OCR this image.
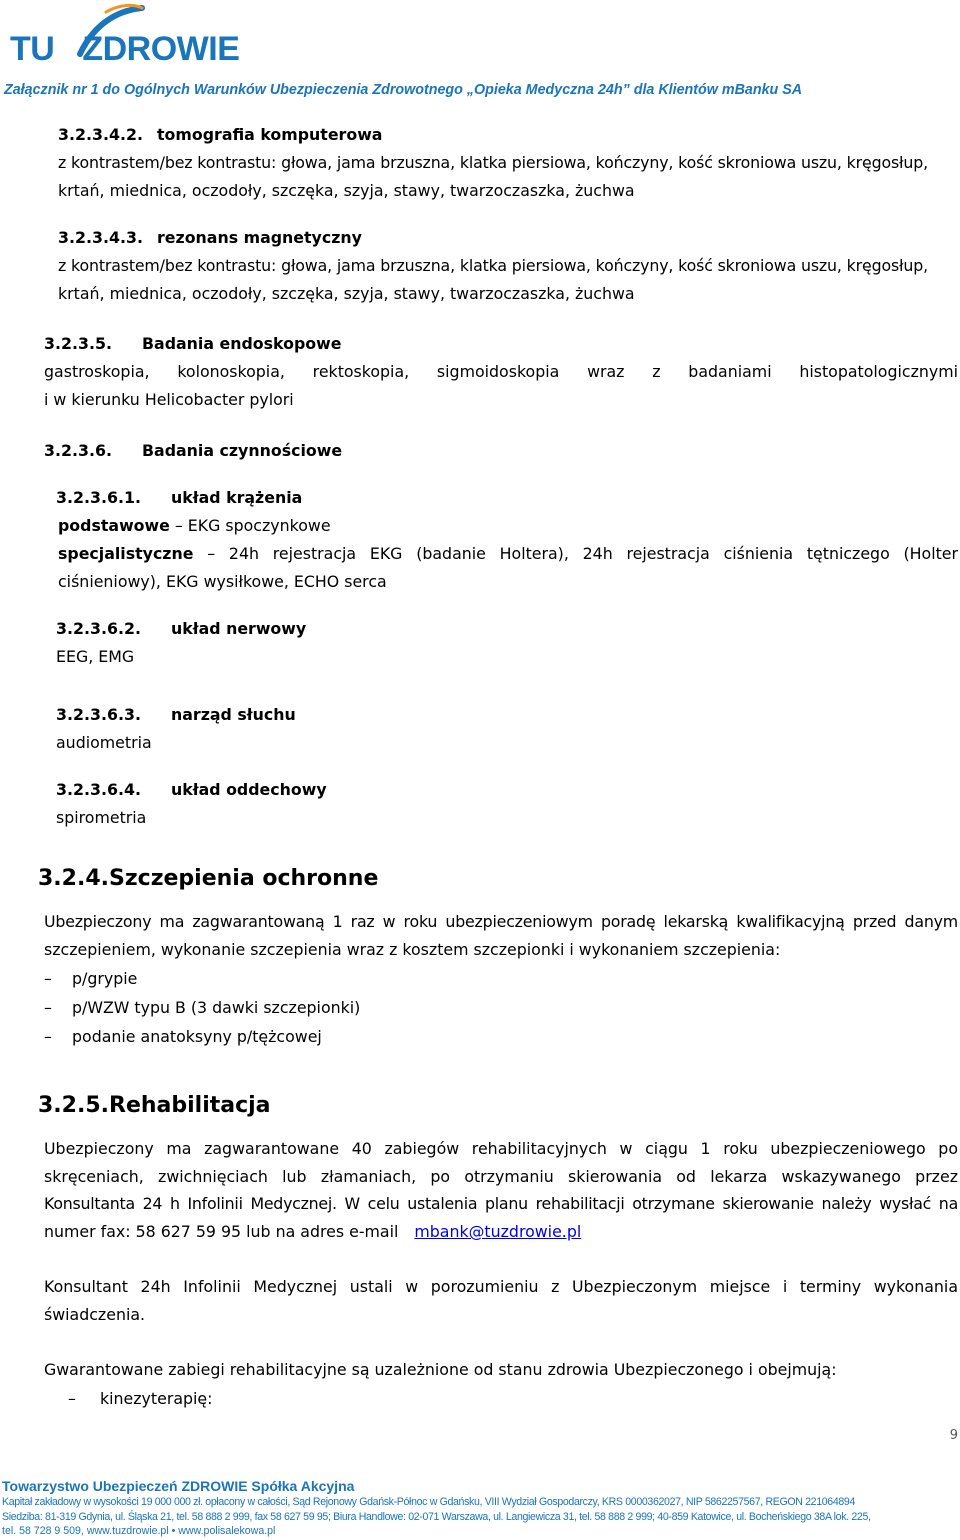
TU ZDROWIE
Załącznik nr 1 do Ogólnych Warunków Ubezpieczenia Zdrowotnego „Opieka Medyczna 24h” dla Klientów mBanku SA
3.2.3.4.2. tomografia komputerowa
z kontrastem/bez kontrastu: głowa, jama brzuszna, klatka piersiowa, kończyny, kość skroniowa uszu, kręgosłup,
krtań, miednica, oczodoły, szczęka, szyja, stawy, twarzoczaszka, żuchwa
3.2.3.4.3. rezonans magnetyczny
z kontrastem/bez kontrastu: głowa, jama brzuszna, klatka piersiowa, kończyny, kość skroniowa uszu, kręgosłup,
krtań, miednica, oczodoły, szczęka, szyja, stawy, twarzoczaszka, żuchwa
3.2.3.5. Badania endoskopowe
gastroskopia, kolonoskopia, rektoskopia, sigmoidoskopia wraz z badaniami histopatologicznymi
i w kierunku Helicobacter pylori
3.2.3.6. Badania czynnościowe
3.2.3.6.1. układ krążenia
podstawowe – EKG spoczynkowe
specjalistyczne – 24h rejestracja EKG (badanie Holtera), 24h rejestracja ciśnienia tętniczego (Holter
ciśnieniowy), EKG wysiłkowe, ECHO serca
3.2.3.6.2. układ nerwowy
EEG, EMG
3.2.3.6.3. narząd słuchu
audiometria
3.2.3.6.4. układ oddechowy
spirometria
3.2.4.Szczepienia ochronne
Ubezpieczony ma zagwarantowaną 1 raz w roku ubezpieczeniowym poradę lekarską kwalifikacyjną przed danym
szczepieniem, wykonanie szczepienia wraz z kosztem szczepionki i wykonaniem szczepienia:
– p/grypie
– p/WZW typu B (3 dawki szczepionki)
– podanie anatoksyny p/tężcowej
3.2.5.Rehabilitacja
Ubezpieczony ma zagwarantowane 40 zabiegów rehabilitacyjnych w ciągu 1 roku ubezpieczeniowego po
skręceniach, zwichnięciach lub złamaniach, po otrzymaniu skierowania od lekarza wskazywanego przez
Konsultanta 24 h Infolinii Medycznej. W celu ustalenia planu rehabilitacji otrzymane skierowanie należy wysłać na
numer fax: 58 627 59 95 lub na adres e-mail mbank@tuzdrowie.pl
Konsultant 24h Infolinii Medycznej ustali w porozumieniu z Ubezpieczonym miejsce i terminy wykonania
świadczenia.
Gwarantowane zabiegi rehabilitacyjne są uzależnione od stanu zdrowia Ubezpieczonego i obejmują:
– kinezyterapię:
9
Towarzystwo Ubezpieczeń ZDROWIE Spółka Akcyjna
Kapitał zakładowy w wysokości 19 000 000 zł. opłacony w całości, Sąd Rejonowy Gdańsk-Północ w Gdańsku, VIII Wydział Gospodarczy, KRS 0000362027, NIP 5862257567, REGON 221064894
Siedziba: 81-319 Gdynia, ul. Śląska 21, tel. 58 888 2 999, fax 58 627 59 95; Biura Handlowe: 02-071 Warszawa, ul. Langiewicza 31, tel. 58 888 2 999; 40-859 Katowice, ul. Bocheńskiego 38A lok. 225,
tel. 58 728 9 509, www.tuzdrowie.pl • www.polisalekowa.pl
